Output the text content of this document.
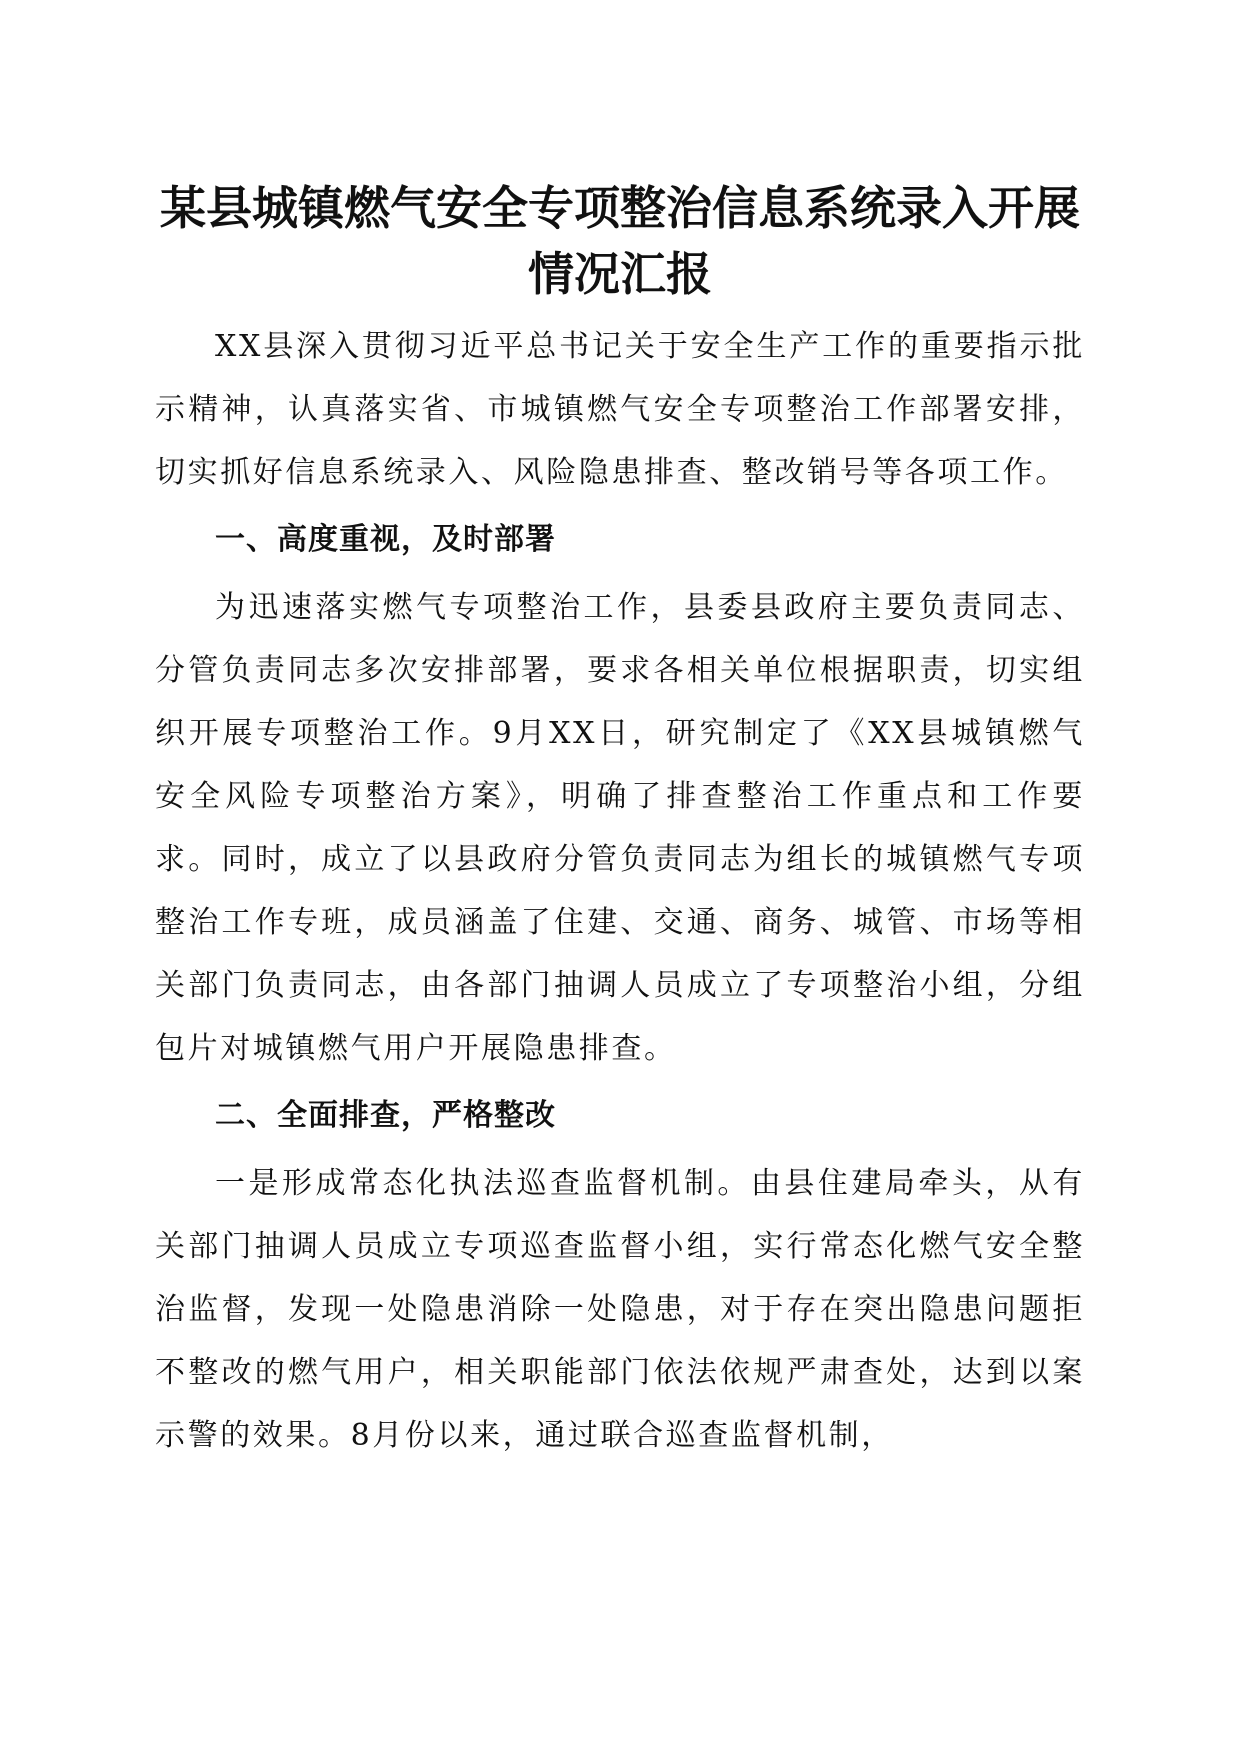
某县城镇燃气安全专项整治信息系统录入开展情况汇报

XX县深入贯彻习近平总书记关于安全生产工作的重要指示批示精神，认真落实省、市城镇燃气安全专项整治工作部署安排，切实抓好信息系统录入、风险隐患排查、整改销号等各项工作。

一、高度重视，及时部署

为迅速落实燃气专项整治工作，县委县政府主要负责同志、分管负责同志多次安排部署，要求各相关单位根据职责，切实组织开展专项整治工作。9月XX日，研究制定了《XX县城镇燃气安全风险专项整治方案》，明确了排查整治工作重点和工作要求。同时，成立了以县政府分管负责同志为组长的城镇燃气专项整治工作专班，成员涵盖了住建、交通、商务、城管、市场等相关部门负责同志，由各部门抽调人员成立了专项整治小组，分组包片对城镇燃气用户开展隐患排查。

二、全面排查，严格整改

一是形成常态化执法巡查监督机制。由县住建局牵头，从有关部门抽调人员成立专项巡查监督小组，实行常态化燃气安全整治监督，发现一处隐患消除一处隐患，对于存在突出隐患问题拒不整改的燃气用户，相关职能部门依法依规严肃查处，达到以案示警的效果。8月份以来，通过联合巡查监督机制，
